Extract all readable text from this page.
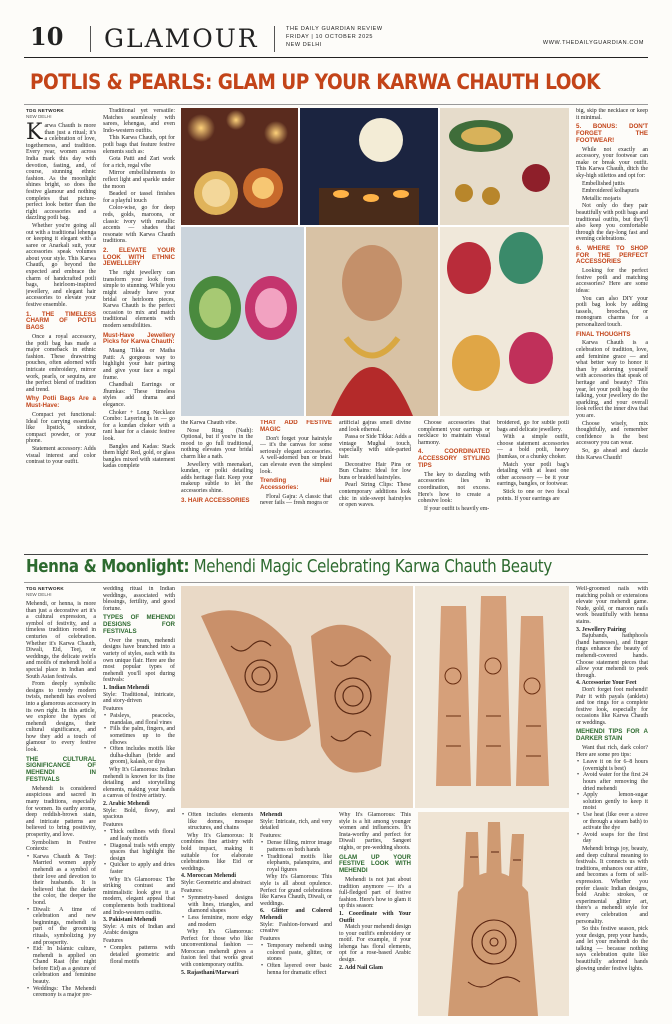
10 GLAMOUR	THE DAILY GUARDIAN REVIEW
FRIDAY | 10 OCTOBER 2025
NEW DELHI	WWW.THEDAILYGUARDIAN.COM
POTLIS & PEARLS: GLAM UP YOUR KARWA CHAUTH LOOK
TDG NETWORK
NEW DELHI

Karwa Chauth is more than just a ritual; it's a celebration of love, togetherness, and tradition. Every year, women across India mark this day with devotion, fasting, and, of course, stunning ethnic fashion. As the moonlight shines bright, so does the festive glamour and nothing completes that picture-perfect look better than the right accessories and a dazzling potli bag.

Whether you're going all out with a traditional lehenga or keeping it elegant with a saree or Anarkali suit, your accessories speak volumes about your style. This Karwa Chauth, go beyond the expected and embrace the charm of handcrafted potli bags, heirloom-inspired jewellery, and elegant hair accessories to elevate your festive ensemble.

1. THE TIMELESS CHARM OF POTLI BAGS

Once a royal accessory, the potli bag has made a major comeback in ethnic fashion. These drawstring pouches, often adorned with intricate embroidery, mirror work, pearls, or sequins, are the perfect blend of tradition and trend.

Why Potli Bags Are a Must-Have:

Compact yet functional: Ideal for carrying essentials like lipstick, sindoor, compact powder, or your phone.

Statement accessory: Adds visual interest and color contrast to your outfit.

Traditional yet versatile: Matches seamlessly with sarees, lehengas, and even Indo-western outfits.

This Karwa Chauth, opt for potli bags that feature festive elements such as:

Gota Patti and Zari work for a rich, regal vibe

Mirror embellishments to reflect light and sparkle under the moon

Beaded or tassel finishes for a playful touch

Color-wise, go for deep reds, golds, maroons, or classic ivory with metallic accents — shades that resonate with Karwa Chauth traditions.

2. ELEVATE YOUR LOOK WITH ETHNIC JEWELLERY

The right jewellery can transform your look from simple to stunning. While you might already have your bridal or heirloom pieces, Karwa Chauth is the perfect occasion to mix and match traditional elements with modern sensibilities.

Must-Have Jewellery Picks for Karwa Chauth:

Maang Tikka or Matha Patti: A gorgeous way to highlight your hair parting and give your face a regal frame.

Chandbali Earrings or Jhumkas: These timeless styles add drama and elegance.

Choker + Long Necklace Combo: Layering is in — go for a kundan choker with a rani haar for a classic festive look.

Bangles and Kadas: Stack them high! Red, gold, or glass bangles mixed with statement kadas complete

the Karwa Chauth vibe.

Nose Ring (Nath): Optional, but if you're in the mood to go full traditional, nothing elevates your bridal charm like a nath.

Jewellery with meenakari, kundan, or polki detailing adds heritage flair. Keep your makeup subtle to let the accessories shine.

3. HAIR ACCESSORIES
THAT ADD FESTIVE MAGIC

Don't forget your hairstyle — it's the canvas for some seriously elegant accessories. A well-adorned bun or braid can elevate even the simplest look.

Trending Hair Accessories:

Floral Gajra: A classic that never fails — fresh mogra or

artificial gajras smell divine and look ethereal.

Passa or Side Tikka: Adds a vintage Mughal touch, especially with side-parted hair.

Decorative Hair Pins or Bun Chains: Ideal for low buns or braided hairstyles.

Pearl String Clips: These contemporary additions look chic in side-swept hairstyles or open waves.

Choose accessories that complement your earrings or necklace to maintain visual harmony.

4. COORDINATED ACCESSORY STYLING TIPS

The key to dazzling with accessories lies in coordination, not excess. Here's how to create a cohesive look:

If your outfit is heavily em-

broidered, go for subtle potli bags and delicate jewellery.

With a simple outfit, choose statement accessories — a bold potli, heavy jhumkas, or a chunky choker.

Match your potli bag's detailing with at least one other accessory — be it your earrings, bangles, or footwear.

Stick to one or two focal points. If your earrings are

big, skip the necklace or keep it minimal.

5. BONUS: DON'T FORGET THE FOOTWEAR!

While not exactly an accessory, your footwear can make or break your outfit. This Karwa Chauth, ditch the sky-high stilettos and opt for:

Embellished juttis

Embroidered kolhapuris

Metallic mojaris

Not only do they pair beautifully with potli bags and traditional outfits, but they'll also keep you comfortable through the day-long fast and evening celebrations.

6. WHERE TO SHOP FOR THE PERFECT ACCESSORIES

Looking for the perfect festive potli and matching accessories? Here are some ideas:

You can also DIY your potli bag look by adding tassels, brooches, or monogram charms for a personalized touch.

FINAL THOUGHTS

Karwa Chauth is a celebration of tradition, love, and feminine grace — and what better way to honor it than by adorning yourself with accessories that speak of heritage and beauty? This year, let your potli bag do the talking, your jewellery do the sparkling, and your overall look reflect the inner diva that you are.

Choose wisely, mix thoughtfully, and remember confidence is the best accessory you can wear.

So, go ahead and dazzle this Karwa Chauth!

Henna & Moonlight: Mehendi Magic Celebrating Karwa Chauth Beauty
TDG NETWORK
NEW DELHI

Mehendi, or henna, is more than just a decorative art it's a cultural expression, a symbol of festivity, and a timeless tradition rooted in centuries of celebration. Whether it's Karwa Chauth, Diwali, Eid, Teej, or weddings, the delicate swirls and motifs of mehendi hold a special place in Indian and South Asian festivals.

From deeply symbolic designs to trendy modern twists, mehendi has evolved into a glamorous accessory in its own right. In this article, we explore the types of mehendi designs, their cultural significance, and how they add a touch of glamour to every festive look.

THE CULTURAL SIGNIFICANCE OF MEHENDI IN FESTIVALS

Mehendi is considered auspicious and sacred in many traditions, especially for women. Its earthy aroma, deep reddish-brown stain, and intricate patterns are believed to bring positivity, prosperity, and love.

Symbolism in Festive Contexts:

• Karwa Chauth & Teej: Married women apply mehendi as a symbol of their love and devotion to their husbands. It is believed that the darker the color, the deeper the bond.
• Diwali: A time of celebration and new beginnings, mehendi is part of the grooming rituals, symbolizing joy and prosperity.
• Eid: In Islamic culture, mehendi is applied on Chand Raat (the night before Eid) as a gesture of celebration and feminine beauty.
• Weddings: The Mehendi ceremony is a major pre-

wedding ritual in Indian weddings, associated with blessings, fertility, and good fortune.

TYPES OF MEHENDI DESIGNS FOR FESTIVALS

Over the years, mehendi designs have branched into a variety of styles, each with its own unique flair. Here are the most popular types of mehendi you'll spot during festivals:

1. Indian Mehendi

Style: Traditional, intricate, and story-driven

Features

• Paisleys, peacocks, mandalas, and floral vines
• Fills the palm, fingers, and sometimes up to the elbows
• Often includes motifs like dulha-dulhan (bride and groom), kalash, or diya

Why It's Glamorous: Indian mehendi is known for its fine detailing and storytelling elements, making your hands a canvas of festive artistry.

2. Arabic Mehendi

Style: Bold, flowy, and spacious

Features

• Thick outlines with floral and leafy motifs
• Diagonal trails with empty spaces that highlight the design
• Quicker to apply and dries faster

Why It's Glamorous: The striking contrast and minimalistic look give it a modern, elegant appeal that complements both traditional and Indo-western outfits.

3. Pakistani Mehendi

Style: A mix of Indian and Arabic designs

Features

• Complex patterns with detailed geometric and floral motifs
• Often includes elements like domes, mosque structures, and chains

Why It's Glamorous: It combines fine artistry with bold impact, making it suitable for elaborate celebrations like Eid or weddings.

4. Moroccan Mehendi

Style: Geometric and abstract

Features:

• Symmetry-based designs with lines, triangles, and diamond shapes
• Less feminine, more edgy and modern

Why It's Glamorous: Perfect for those who like unconventional fashion — Moroccan mehendi gives a fusion feel that works great with contemporary outfits.

5. Rajasthani/Marwari
Mehendi

Style: Intricate, rich, and very detailed

Features:

• Dense filling, mirror image patterns on both hands
• Traditional motifs like elephants, palanquins, and royal figures

Why It's Glamorous: This style is all about opulence. Perfect for grand celebrations like Karwa Chauth, Diwali, or weddings.

6. Glitter and Colored Mehendi

Style: Fashion-forward and creative

Features

• Temporary mehendi using colored paste, glitter, or stones
• Often layered over basic henna for dramatic effect

Why It's Glamorous: This style is a hit among younger women and influencers. It's Insta-worthy and perfect for Diwali parties, Sangeet nights, or pre-wedding shoots.

GLAM UP YOUR FESTIVE LOOK WITH MEHENDI

Mehendi is not just about tradition anymore — it's a full-fledged part of festive fashion. Here's how to glam it up this season:

1. Coordinate with Your Outfit

Match your mehendi design to your outfit's embroidery or motif. For example, if your lehenga has floral elements, opt for a rose-based Arabic design.

2. Add Nail Glam

Well-groomed nails with matching polish or extensions elevate your mehendi game. Nude, gold, or maroon nails work beautifully with henna stains.

3. Jewellery Pairing

Bajubands, hathphools (hand harnesses), and finger rings enhance the beauty of mehendi-covered hands. Choose statement pieces that allow your mehendi to peek through.

4. Accessorize Your Feet

Don't forget foot mehendi! Pair it with payals (anklets) and toe rings for a complete festive look, especially for occasions like Karwa Chauth or weddings.

MEHENDI TIPS FOR A DARKER STAIN

Want that rich, dark color? Here are some pro tips:

• Leave it on for 6–8 hours (overnight is best)
• Avoid water for the first 24 hours after removing the dried mehendi
• Apply lemon-sugar solution gently to keep it moist
• Use heat (like over a stove or through a steam bath) to activate the dye
• Avoid soaps for the first day

Mehendi brings joy, beauty, and deep cultural meaning to festivals. It connects us with traditions, enhances our attire, and becomes a form of self-expression. Whether you prefer classic Indian designs, bold Arabic strokes, or experimental glitter art, there's a mehendi style for every celebration and personality.

So this festive season, pick your design, prep your hands, and let your mehendi do the talking — because nothing says celebration quite like beautifully adorned hands glowing under festive lights.
